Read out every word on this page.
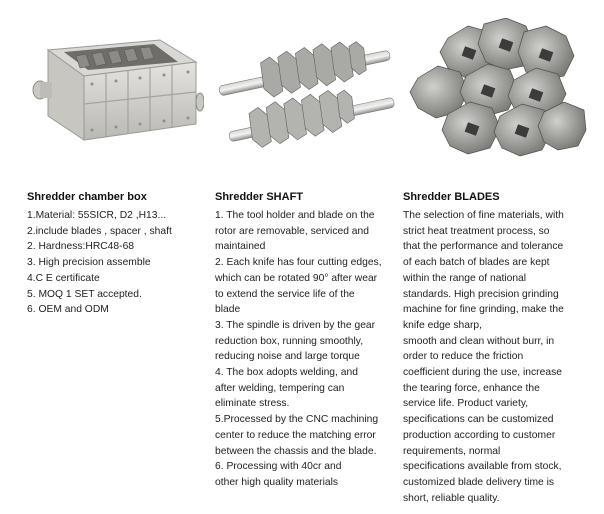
Shredder chamber box
1.Material: 55SICR, D2 ,H13...
2.include blades , spacer , shaft
2. Hardness:HRC48-68
3. High precision assemble
4.C E certificate
5. MOQ 1 SET accepted.
6. OEM and ODM
Shredder SHAFT
1. The tool holder and blade on the
rotor are removable, serviced and
maintained
2. Each knife has four cutting edges,
which can be rotated 90° after wear
to extend the service life of the
blade
3. The spindle is driven by the gear
reduction box, running smoothly,
reducing noise and large torque
4. The box adopts welding, and
after welding, tempering can
eliminate stress.
5.Processed by the CNC machining
center to reduce the matching error
between the chassis and the blade.
6. Processing with 40cr and
other high quality materials
Shredder BLADES
The selection of fine materials, with
strict heat treatment process, so
that the performance and tolerance
of each batch of blades are kept
within the range of national
standards. High precision grinding
machine for fine grinding, make the
knife edge sharp,
smooth and clean without burr, in
order to reduce the friction
coefficient during the use, increase
the tearing force, enhance the
service life. Product variety,
specifications can be customized
production according to customer
requirements, normal
specifications available from stock,
customized blade delivery time is
short, reliable quality.
